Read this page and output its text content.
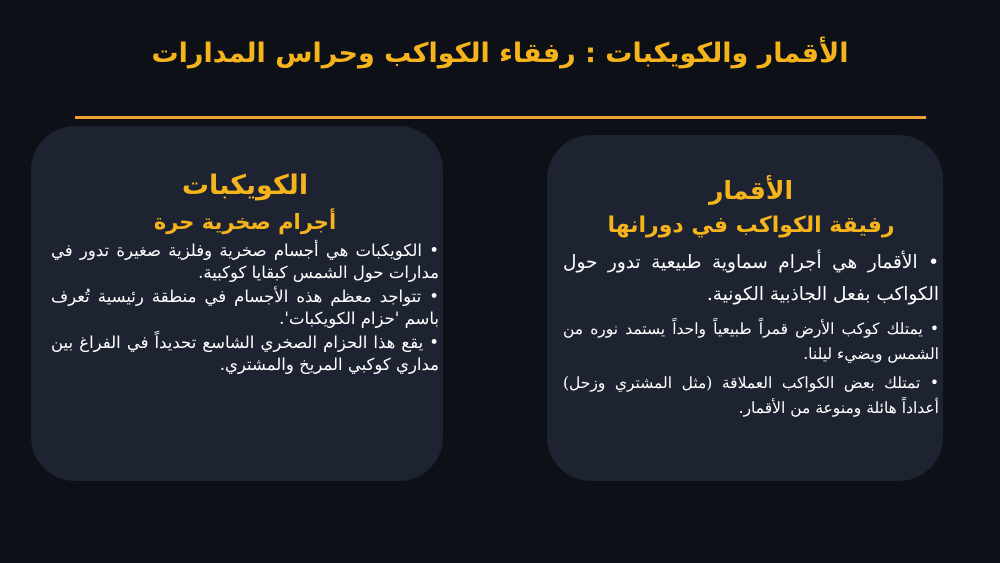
الأقمار والكويكبات : رفقاء الكواكب وحراس المدارات
الكويكبات
أجرام صخرية حرة
• الكويكبات هي أجسام صخرية وفلزية صغيرة تدور في مدارات حول الشمس كبقايا كوكبية.
• تتواجد معظم هذه الأجسام في منطقة رئيسية تُعرف باسم 'حزام الكويكبات'.
• يقع هذا الحزام الصخري الشاسع تحديداً في الفراغ بين مداري كوكبي المريخ والمشتري.
الأقمار
رفيقة الكواكب في دورانها
• الأقمار هي أجرام سماوية طبيعية تدور حول الكواكب بفعل الجاذبية الكونية.
• يمتلك كوكب الأرض قمراً طبيعياً واحداً يستمد نوره من الشمس ويضيء ليلنا.
• تمتلك بعض الكواكب العملاقة (مثل المشتري وزحل) أعداداً هائلة ومنوعة من الأقمار.
